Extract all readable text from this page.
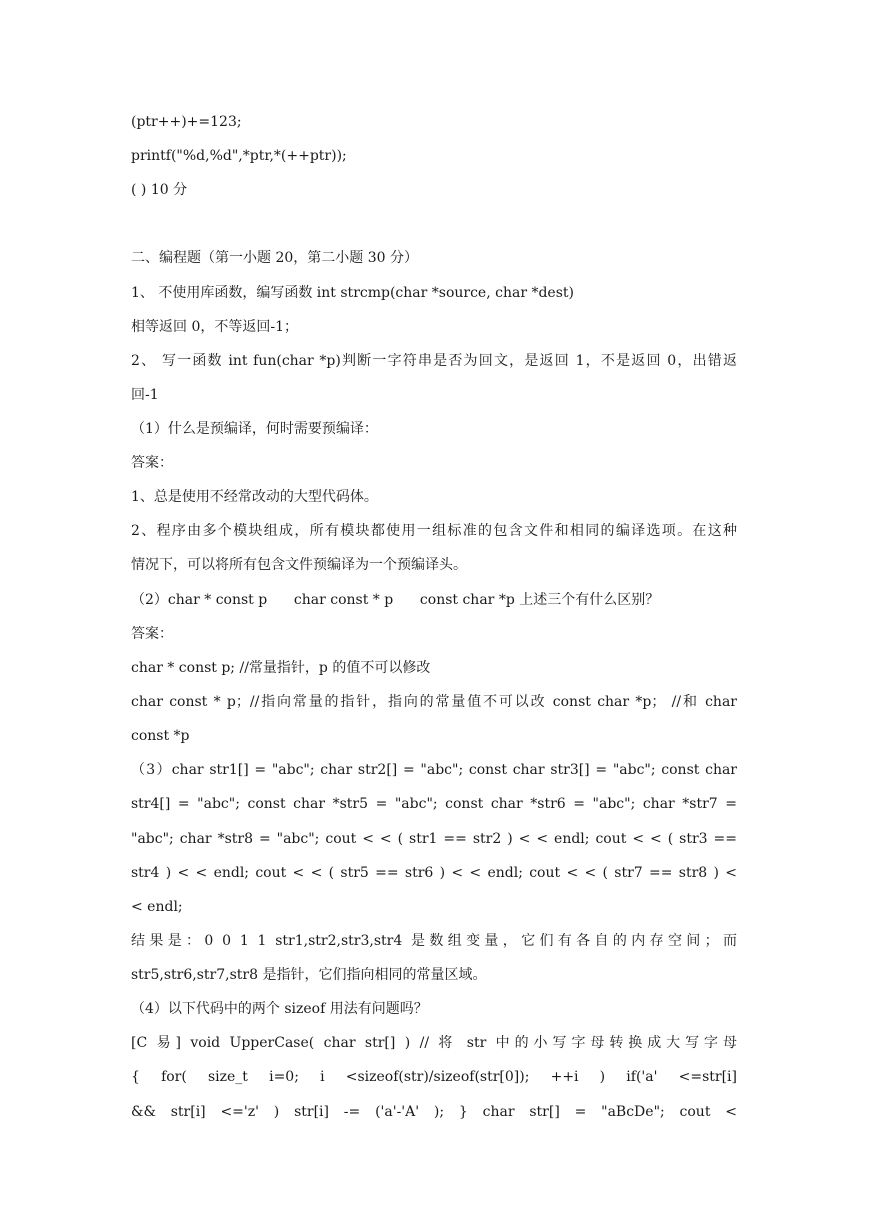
(ptr++)+=123;
printf("%d,%d",*ptr,*(++ptr));
( ) 10 分
二、编程题（第一小题 20，第二小题 30 分）
1、 不使用库函数，编写函数 int strcmp(char *source, char *dest)
相等返回 0，不等返回-1；
2、 写一函数 int fun(char *p)判断一字符串是否为回文，是返回 1，不是返回 0，出错返
回-1
（1）什么是预编译，何时需要预编译：
答案：
1、总是使用不经常改动的大型代码体。
2、程序由多个模块组成，所有模块都使用一组标准的包含文件和相同的编译选项。在这种
情况下，可以将所有包含文件预编译为一个预编译头。
（2）char * const p      char const * p      const char *p 上述三个有什么区别？
答案：
char * const p; //常量指针，p 的值不可以修改
char const * p；//指向常量的指针，指向的常量值不可以改 const char *p； //和 char
const *p
（3）char str1[] = "abc"; char str2[] = "abc"; const char str3[] = "abc"; const char
str4[] = "abc"; const char *str5 = "abc"; const char *str6 = "abc"; char *str7 =
"abc"; char *str8 = "abc"; cout < < ( str1 == str2 ) < < endl; cout < < ( str3 ==
str4 ) < < endl; cout < < ( str5 == str6 ) < < endl; cout < < ( str7 == str8 ) <
< endl;
结果是：0 0 1 1 str1,str2,str3,str4 是数组变量，它们有各自的内存空间；而
str5,str6,str7,str8 是指针，它们指向相同的常量区域。
（4）以下代码中的两个 sizeof 用法有问题吗？
[C 易] void UpperCase( char str[] ) // 将 str 中的小写字母转换成大写字母
{ for( size_t i=0; i <sizeof(str)/sizeof(str[0]); ++i ) if('a' <=str[i]
&& str[i] <='z' ) str[i] -= ('a'-'A' ); } char str[] = "aBcDe"; cout <
